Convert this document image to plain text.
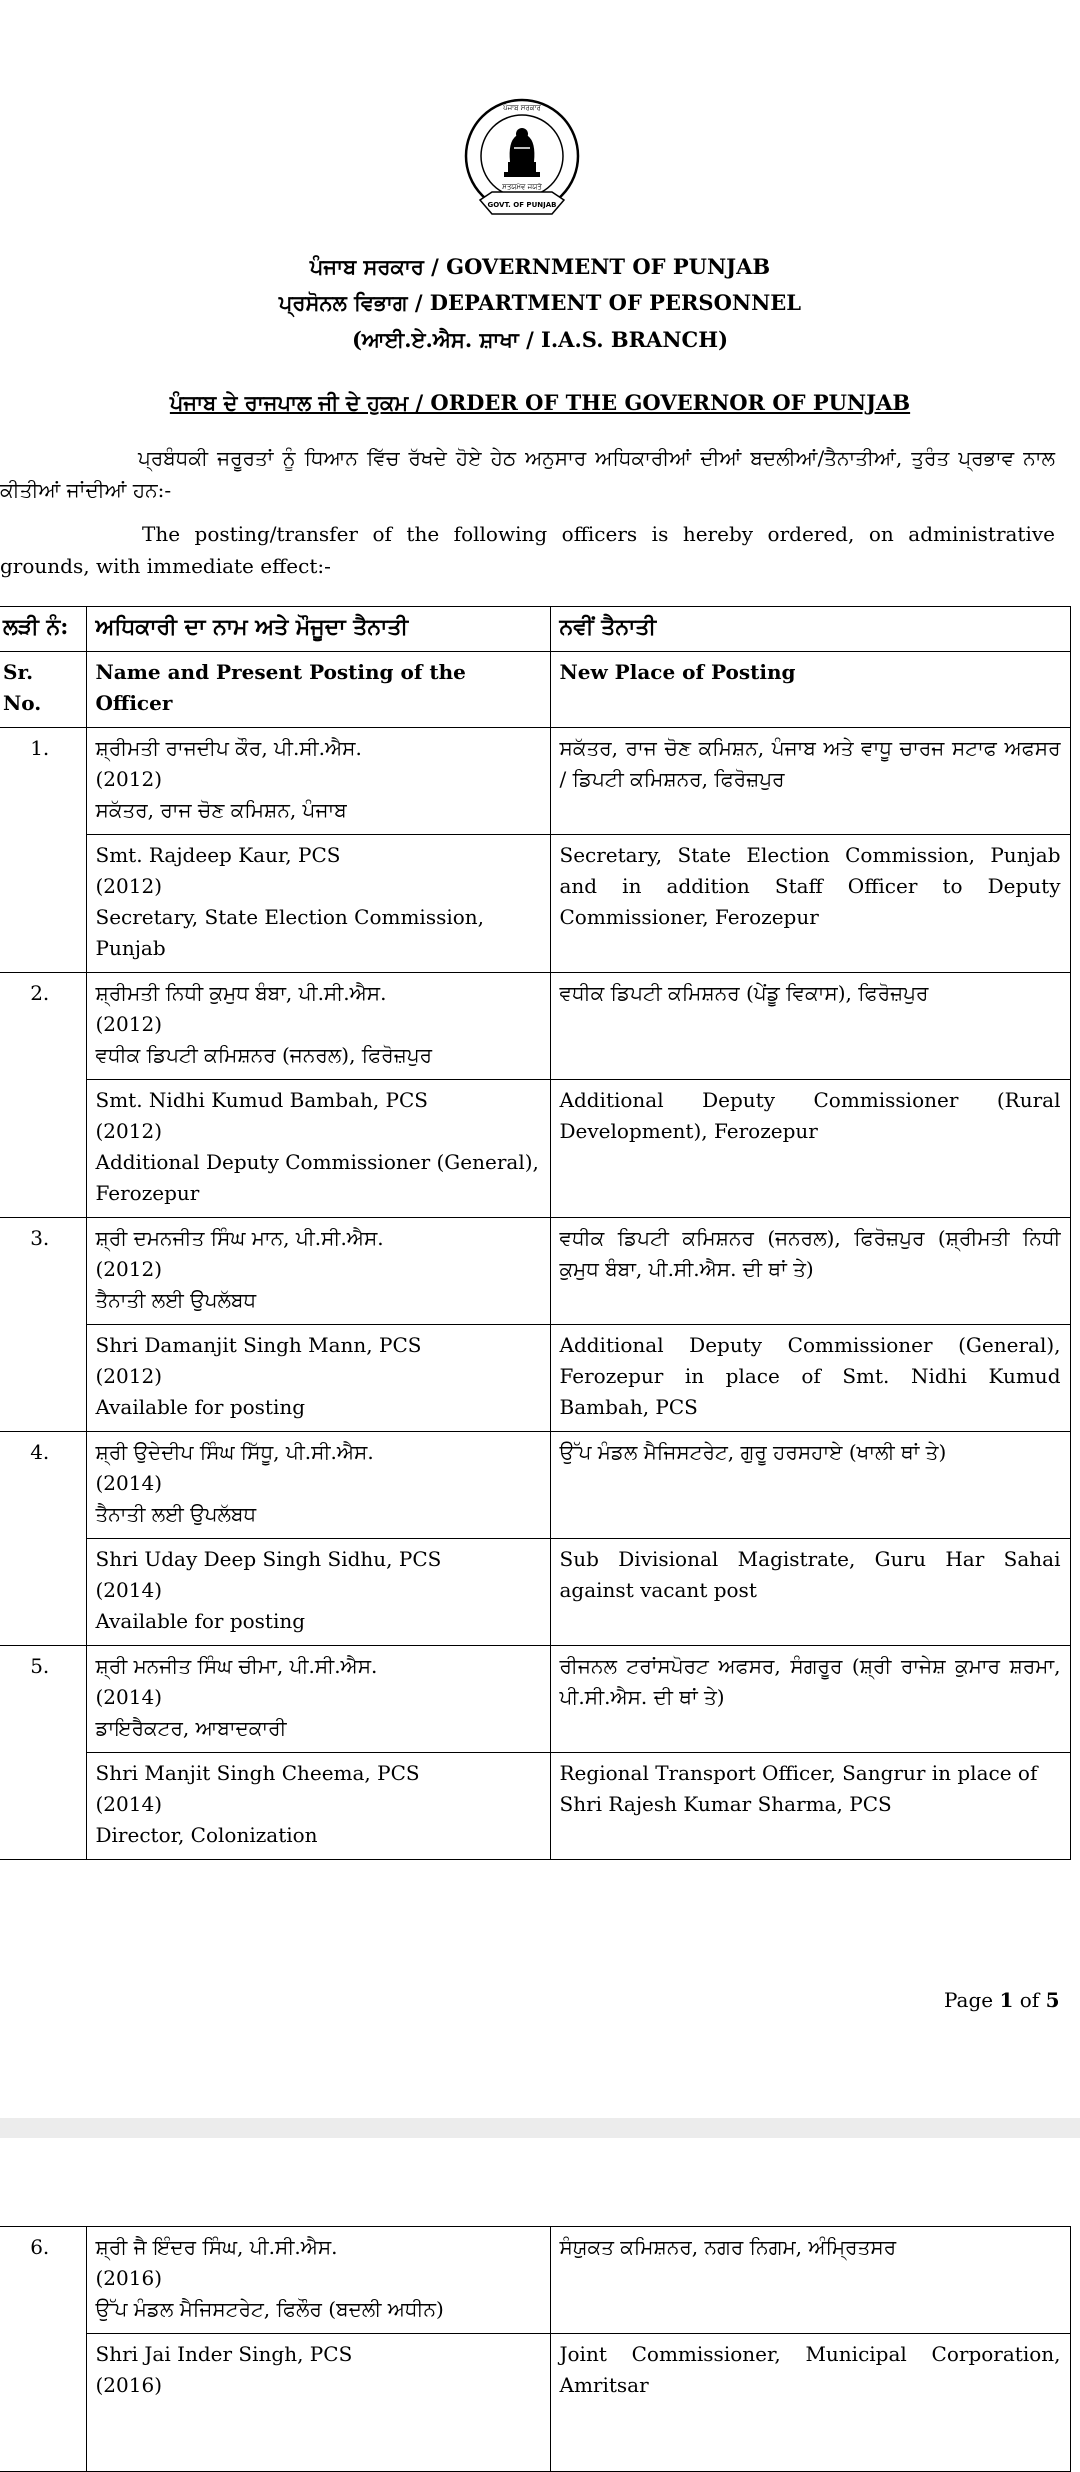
ਸਤਯਮੇਵ ਜਯਤੇ
ਪੰਜਾਬ ਸਰਕਾਰ
GOVT. OF PUNJAB
ਪੰਜਾਬ ਸਰਕਾਰ / GOVERNMENT OF PUNJAB
ਪ੍ਰਸੋਨਲ ਵਿਭਾਗ / DEPARTMENT OF PERSONNEL
(ਆਈ.ਏ.ਐਸ. ਸ਼ਾਖਾ / I.A.S. BRANCH)
ਪੰਜਾਬ ਦੇ ਰਾਜਪਾਲ ਜੀ ਦੇ ਹੁਕਮ / ORDER OF THE GOVERNOR OF PUNJAB
ਪ੍ਰਬੰਧਕੀ ਜਰੂਰਤਾਂ ਨੂੰ ਧਿਆਨ ਵਿੱਚ ਰੱਖਦੇ ਹੋਏ ਹੇਠ ਅਨੁਸਾਰ ਅਧਿਕਾਰੀਆਂ ਦੀਆਂ ਬਦਲੀਆਂ/ਤੈਨਾਤੀਆਂ, ਤੁਰੰਤ ਪ੍ਰਭਾਵ ਨਾਲ ਕੀਤੀਆਂ ਜਾਂਦੀਆਂ ਹਨ:-
The posting/transfer of the following officers is hereby ordered, on administrative grounds, with immediate effect:-
ਲੜੀ ਨੰ:	ਅਧਿਕਾਰੀ ਦਾ ਨਾਮ ਅਤੇ ਮੌਜੂਦਾ ਤੈਨਾਤੀ	ਨਵੀਂ ਤੈਨਾਤੀ
Sr. No.	Name and Present Posting of the Officer	New Place of Posting
1.	ਸ਼੍ਰੀਮਤੀ ਰਾਜਦੀਪ ਕੌਰ, ਪੀ.ਸੀ.ਐਸ.
(2012)
ਸਕੱਤਰ, ਰਾਜ ਚੋਣ ਕਮਿਸ਼ਨ, ਪੰਜਾਬ	ਸਕੱਤਰ, ਰਾਜ ਚੋਣ ਕਮਿਸ਼ਨ, ਪੰਜਾਬ ਅਤੇ ਵਾਧੂ ਚਾਰਜ ਸਟਾਫ ਅਫਸਰ / ਡਿਪਟੀ ਕਮਿਸ਼ਨਰ, ਫਿਰੋਜ਼ਪੁਰ

	Smt. Rajdeep Kaur, PCS
(2012)
Secretary, State Election Commission, Punjab	Secretary, State Election Commission, Punjab and in addition Staff Officer to Deputy Commissioner, Ferozepur
2.	ਸ਼੍ਰੀਮਤੀ ਨਿਧੀ ਕੁਮੁਧ ਬੰਬਾ, ਪੀ.ਸੀ.ਐਸ.
(2012)
ਵਧੀਕ ਡਿਪਟੀ ਕਮਿਸ਼ਨਰ (ਜਨਰਲ), ਫਿਰੋਜ਼ਪੁਰ	ਵਧੀਕ ਡਿਪਟੀ ਕਮਿਸ਼ਨਰ (ਪੇਂਡੂ ਵਿਕਾਸ), ਫਿਰੋਜ਼ਪੁਰ

	Smt. Nidhi Kumud Bambah, PCS
(2012)
Additional Deputy Commissioner (General), Ferozepur	Additional Deputy Commissioner (Rural Development), Ferozepur
3.	ਸ਼੍ਰੀ ਦਮਨਜੀਤ ਸਿੰਘ ਮਾਨ, ਪੀ.ਸੀ.ਐਸ.
(2012)
ਤੈਨਾਤੀ ਲਈ ਉਪਲੱਬਧ	ਵਧੀਕ ਡਿਪਟੀ ਕਮਿਸ਼ਨਰ (ਜਨਰਲ), ਫਿਰੋਜ਼ਪੁਰ (ਸ਼੍ਰੀਮਤੀ ਨਿਧੀ ਕੁਮੁਧ ਬੰਬਾ, ਪੀ.ਸੀ.ਐਸ. ਦੀ ਥਾਂ ਤੇ)

	Shri Damanjit Singh Mann, PCS
(2012)
Available for posting	Additional Deputy Commissioner (General), Ferozepur in place of Smt. Nidhi Kumud Bambah, PCS
4.	ਸ਼੍ਰੀ ਉਦੇਦੀਪ ਸਿੰਘ ਸਿੱਧੂ, ਪੀ.ਸੀ.ਐਸ.
(2014)
ਤੈਨਾਤੀ ਲਈ ਉਪਲੱਬਧ	ਉੱਪ ਮੰਡਲ ਮੈਜਿਸਟਰੇਟ, ਗੁਰੂ ਹਰਸਹਾਏ (ਖਾਲੀ ਥਾਂ ਤੇ)

	Shri Uday Deep Singh Sidhu, PCS
(2014)
Available for posting	Sub Divisional Magistrate, Guru Har Sahai against vacant post
5.	ਸ਼੍ਰੀ ਮਨਜੀਤ ਸਿੰਘ ਚੀਮਾ, ਪੀ.ਸੀ.ਐਸ.
(2014)
ਡਾਇਰੈਕਟਰ, ਆਬਾਦਕਾਰੀ	ਰੀਜਨਲ ਟਰਾਂਸਪੋਰਟ ਅਫਸਰ, ਸੰਗਰੂਰ (ਸ਼੍ਰੀ ਰਾਜੇਸ਼ ਕੁਮਾਰ ਸ਼ਰਮਾ, ਪੀ.ਸੀ.ਐਸ. ਦੀ ਥਾਂ ਤੇ)

	Shri Manjit Singh Cheema, PCS
(2014)
Director, Colonization	Regional Transport Officer, Sangrur in place of Shri Rajesh Kumar Sharma, PCS
Page 1 of 5
6.	ਸ਼੍ਰੀ ਜੈ ਇੰਦਰ ਸਿੰਘ, ਪੀ.ਸੀ.ਐਸ.
(2016)
ਉੱਪ ਮੰਡਲ ਮੈਜਿਸਟਰੇਟ, ਫਿਲੌਰ (ਬਦਲੀ ਅਧੀਨ)	ਸੰਯੁਕਤ ਕਮਿਸ਼ਨਰ, ਨਗਰ ਨਿਗਮ, ਅੰਮ੍ਰਿਤਸਰ

	Shri Jai Inder Singh, PCS
(2016)	Joint Commissioner, Municipal Corporation, Amritsar
